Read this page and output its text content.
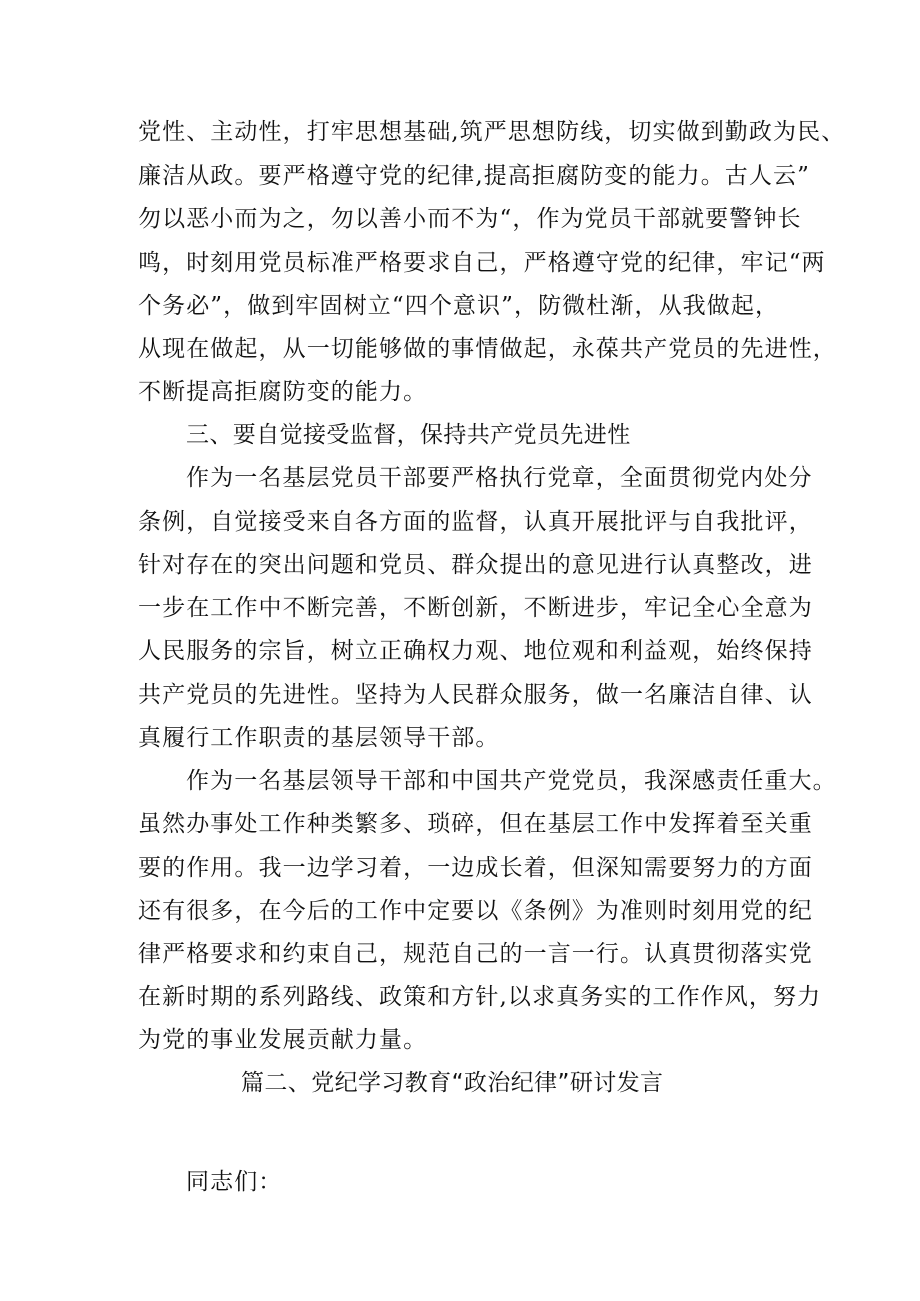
党性、主动性，打牢思想基础,筑严思想防线，切实做到勤政为民、
廉洁从政。要严格遵守党的纪律,提高拒腐防变的能力。古人云”
勿以恶小而为之，勿以善小而不为“，作为党员干部就要警钟长
鸣，时刻用党员标准严格要求自己，严格遵守党的纪律，牢记“两
个务必”，做到牢固树立“四个意识”，防微杜渐，从我做起，
从现在做起，从一切能够做的事情做起，永葆共产党员的先进性，
不断提高拒腐防变的能力。
三、要自觉接受监督，保持共产党员先进性
作为一名基层党员干部要严格执行党章，全面贯彻党内处分
条例，自觉接受来自各方面的监督，认真开展批评与自我批评，
针对存在的突出问题和党员、群众提出的意见进行认真整改，进
一步在工作中不断完善，不断创新，不断进步，牢记全心全意为
人民服务的宗旨，树立正确权力观、地位观和利益观，始终保持
共产党员的先进性。坚持为人民群众服务，做一名廉洁自律、认
真履行工作职责的基层领导干部。
作为一名基层领导干部和中国共产党党员，我深感责任重大。
虽然办事处工作种类繁多、琐碎，但在基层工作中发挥着至关重
要的作用。我一边学习着，一边成长着，但深知需要努力的方面
还有很多，在今后的工作中定要以《条例》为准则时刻用党的纪
律严格要求和约束自己，规范自己的一言一行。认真贯彻落实党
在新时期的系列路线、政策和方针,以求真务实的工作作风，努力
为党的事业发展贡献力量。
篇二、党纪学习教育“政治纪律”研讨发言
同志们：
